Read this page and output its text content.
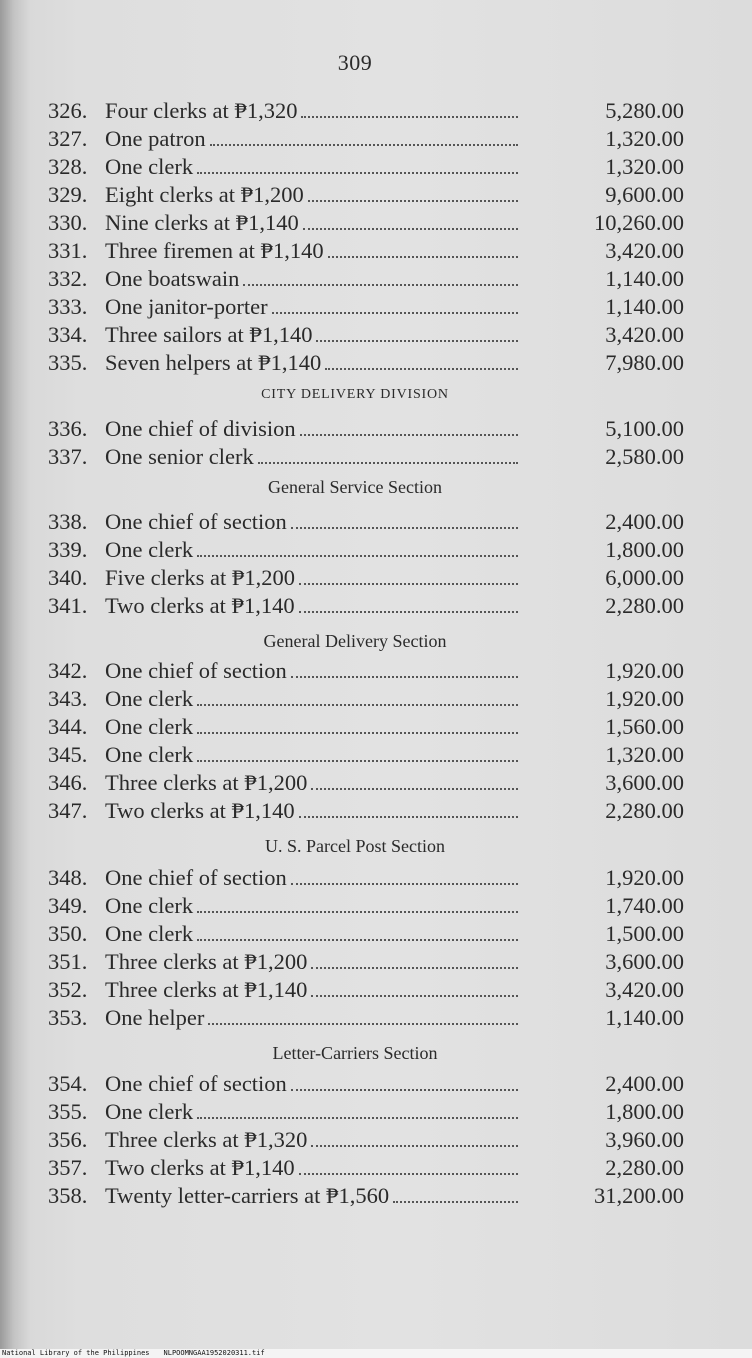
309
CITY DELIVERY DIVISION
General Service Section
General Delivery Section
U. S. Parcel Post Section
Letter-Carriers Section
326. Four clerks at ₱1,320	5,280.00
327. One patron	1,320.00
328. One clerk	1,320.00
329. Eight clerks at ₱1,200	9,600.00
330. Nine clerks at ₱1,140	10,260.00
331. Three firemen at ₱1,140	3,420.00
332. One boatswain	1,140.00
333. One janitor-porter	1,140.00
334. Three sailors at ₱1,140	3,420.00
335. Seven helpers at ₱1,140	7,980.00
336. One chief of division	5,100.00
337. One senior clerk	2,580.00
338. One chief of section	2,400.00
339. One clerk	1,800.00
340. Five clerks at ₱1,200	6,000.00
341. Two clerks at ₱1,140	2,280.00
342. One chief of section	1,920.00
343. One clerk	1,920.00
344. One clerk	1,560.00
345. One clerk	1,320.00
346. Three clerks at ₱1,200	3,600.00
347. Two clerks at ₱1,140	2,280.00
348. One chief of section	1,920.00
349. One clerk	1,740.00
350. One clerk	1,500.00
351. Three clerks at ₱1,200	3,600.00
352. Three clerks at ₱1,140	3,420.00
353. One helper	1,140.00
354. One chief of section	2,400.00
355. One clerk	1,800.00
356. Three clerks at ₱1,320	3,960.00
357. Two clerks at ₱1,140	2,280.00
358. Twenty letter-carriers at ₱1,560	31,200.00
National Library of the Philippines NLPOOMNGAA1952020311.tif
